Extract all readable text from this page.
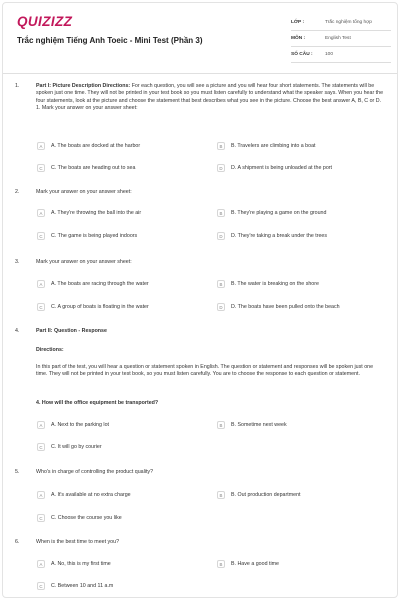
QUIZIZZ
Trắc nghiệm Tiếng Anh Toeic - Mini Test (Phần 3)
LỚP :	Trắc nghiệm tổng hợp
MÔN :	English Test
SỐ CÂU :	100
1.	Part I: Picture Description Directions: For each question, you will see a picture and you will hear four short statements. The statements will be spoken just one time. They will not be printed in your test book so you must listen carefully to understand what the speaker says. When you hear the four statements, look at the picture and choose the statement that best describes what you see in the picture. Choose the best answer A, B, C or D. 1. Mark your answer on your answer sheet:
A	A. The boats are docked at the harbor	B	B. Travelers are climbing into a boat
C	C. The boats are heading out to sea	D	D. A shipment is being unloaded at the port
2.	Mark your answer on your answer sheet:
A	A. They're throwing the ball into the air	B	B. They're playing a game on the ground
C	C. The game is being played indoors	D	D. They're taking a break under the trees
3.	Mark your answer on your answer sheet:
A	A. The boats are racing through the water	B	B. The water is breaking on the shore
C	C. A group of boats is floating in the water	D	D. The boats have been pulled onto the beach
4.	Part II: Question - Response
Directions:
In this part of the test, you will hear a question or statement spoken in English. The question or statement and responses will be spoken just one time. They will not be printed in your test book, so you must listen carefully. You are to choose the response to each question or statement.
4. How will the office equipment be transported?
A	A. Next to the parking lot	B	B. Sometime next week
C	C. It will go by courier
5.	Who's in charge of controlling the product quality?
A	A. It's available at no extra charge	B	B. Out production department
C	C. Choose the course you like
6.	When is the best time to meet you?
A	A. No, this is my first time	B	B. Have a good time
C	C. Between 10 and 11 a.m
